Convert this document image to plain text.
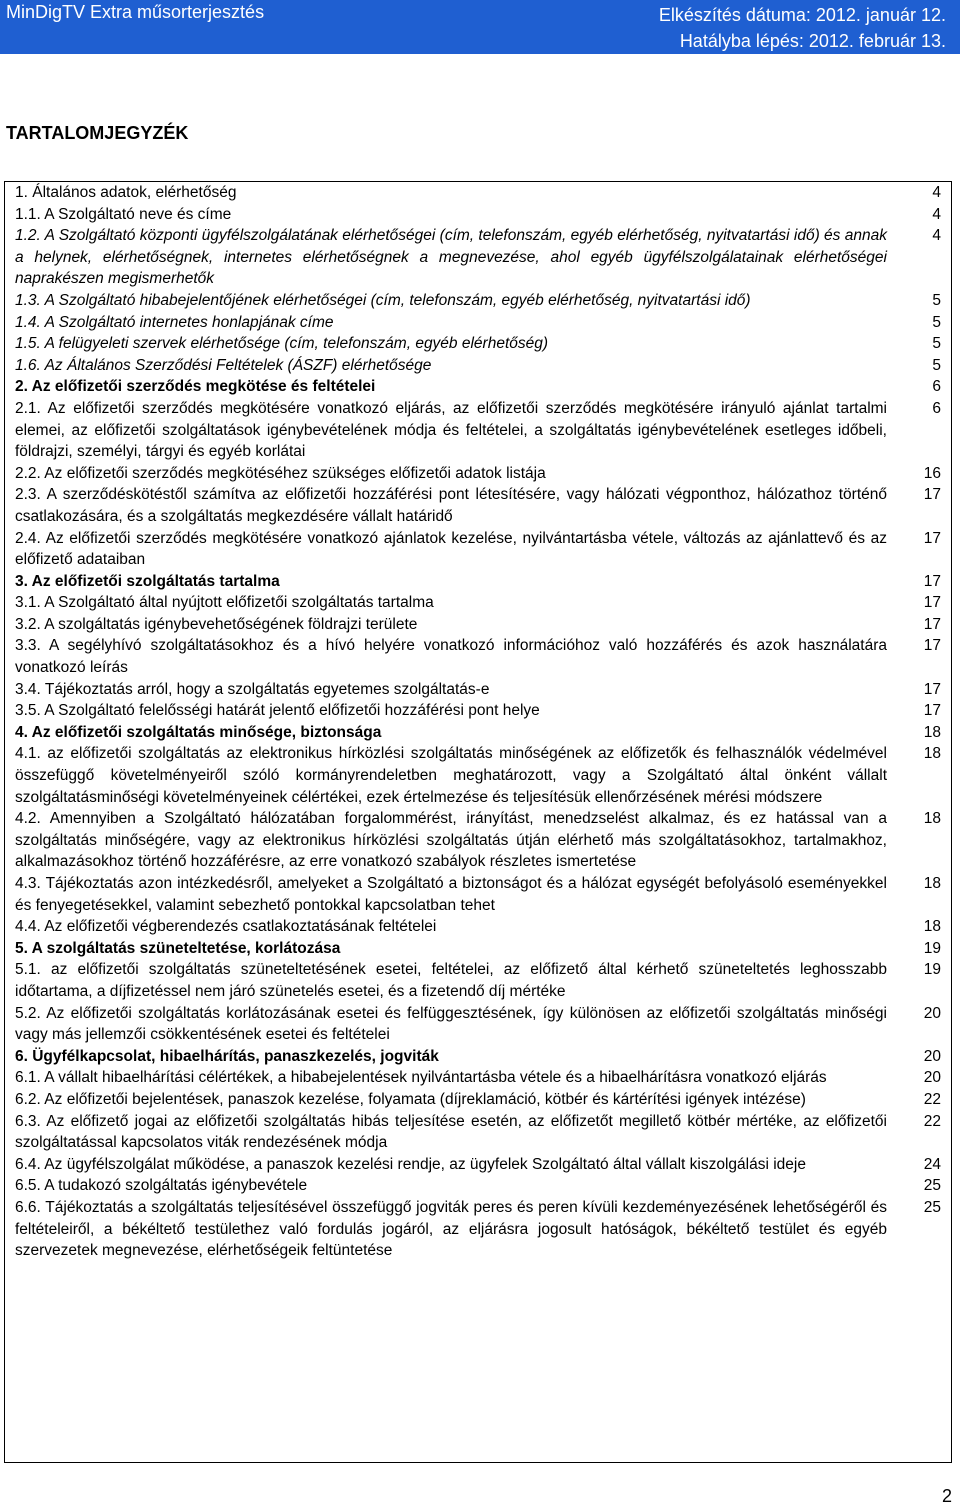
MinDigTV Extra műsorterjesztés	Elkészítés dátuma: 2012. január 12.
Hatályba lépés: 2012. február 13.
TARTALOMJEGYZÉK
1. Általános adatok, elérhetőség	4
1.1. A Szolgáltató neve és címe	4
1.2. A Szolgáltató központi ügyfélszolgálatának elérhetőségei (cím, telefonszám, egyéb elérhetőség, nyitvatartási idő) és annak a helynek, elérhetőségnek, internetes elérhetőségnek a megnevezése, ahol egyéb ügyfélszolgálatainak elérhetőségei naprakészen megismerhetők
4
1.3. A Szolgáltató hibabejelentőjének elérhetőségei (cím, telefonszám, egyéb elérhetőség, nyitvatartási idő)	5
1.4. A Szolgáltató internetes honlapjának címe	5
1.5. A felügyeleti szervek elérhetősége (cím, telefonszám, egyéb elérhetőség)	5
1.6. Az Általános Szerződési Feltételek (ÁSZF) elérhetősége	5
2. Az előfizetői szerződés megkötése és feltételei	6
2.1. Az előfizetői szerződés megkötésére vonatkozó eljárás, az előfizetői szerződés megkötésére irányuló ajánlat tartalmi elemei, az előfizetői szolgáltatások igénybevételének módja és feltételei, a szolgáltatás igénybevételének esetleges időbeli, földrajzi, személyi, tárgyi és egyéb korlátai
6
2.2. Az előfizetői szerződés megkötéséhez szükséges előfizetői adatok listája	16
2.3. A szerződéskötéstől számítva az előfizetői hozzáférési pont létesítésére, vagy hálózati végponthoz, hálózathoz történő csatlakozására, és a szolgáltatás megkezdésére vállalt határidő
17
2.4. Az előfizetői szerződés megkötésére vonatkozó ajánlatok kezelése, nyilvántartásba vétele, változás az ajánlattevő és az előfizető adataiban
17
3. Az előfizetői szolgáltatás tartalma	17
3.1. A Szolgáltató által nyújtott előfizetői szolgáltatás tartalma	17
3.2. A szolgáltatás igénybevehetőségének földrajzi területe	17
3.3. A segélyhívó szolgáltatásokhoz és a hívó helyére vonatkozó információhoz való hozzáférés és azok használatára vonatkozó leírás
17
3.4. Tájékoztatás arról, hogy a szolgáltatás egyetemes szolgáltatás-e	17
3.5. A Szolgáltató felelősségi határát jelentő előfizetői hozzáférési pont helye	17
4. Az előfizetői szolgáltatás minősége, biztonsága	18
4.1. az előfizetői szolgáltatás az elektronikus hírközlési szolgáltatás minőségének az előfizetők és felhasználók védelmével összefüggő követelményeiről szóló kormányrendeletben meghatározott, vagy a Szolgáltató által önként vállalt szolgáltatásminőségi követelményeinek célértékei, ezek értelmezése és teljesítésük ellenőrzésének mérési módszere
18
4.2. Amennyiben a Szolgáltató hálózatában forgalommérést, irányítást, menedzselést alkalmaz, és ez hatással van a szolgáltatás minőségére, vagy az elektronikus hírközlési szolgáltatás útján elérhető más szolgáltatásokhoz, tartalmakhoz, alkalmazásokhoz történő hozzáférésre, az erre vonatkozó szabályok részletes ismertetése
18
4.3. Tájékoztatás azon intézkedésről, amelyeket a Szolgáltató a biztonságot és a hálózat egységét befolyásoló eseményekkel és fenyegetésekkel, valamint sebezhető pontokkal kapcsolatban tehet
18
4.4. Az előfizetői végberendezés csatlakoztatásának feltételei	18
5. A szolgáltatás szüneteltetése, korlátozása	19
5.1. az előfizetői szolgáltatás szüneteltetésének esetei, feltételei, az előfizető által kérhető szüneteltetés leghosszabb időtartama, a díjfizetéssel nem járó szünetelés esetei, és a fizetendő díj mértéke
19
5.2. Az előfizetői szolgáltatás korlátozásának esetei és felfüggesztésének, így különösen az előfizetői szolgáltatás minőségi vagy más jellemzői csökkentésének esetei és feltételei
20
6. Ügyfélkapcsolat, hibaelhárítás, panaszkezelés, jogviták	20
6.1. A vállalt hibaelhárítási célértékek, a hibabejelentések nyilvántartásba vétele és a hibaelhárításra vonatkozó eljárás	20
6.2. Az előfizetői bejelentések, panaszok kezelése, folyamata (díjreklamáció, kötbér és kártérítési igények intézése)	22
6.3. Az előfizető jogai az előfizetői szolgáltatás hibás teljesítése esetén, az előfizetőt megillető kötbér mértéke, az előfizetői szolgáltatással kapcsolatos viták rendezésének módja
22
6.4. Az ügyfélszolgálat működése, a panaszok kezelési rendje, az ügyfelek Szolgáltató által vállalt kiszolgálási ideje	24
6.5. A tudakozó szolgáltatás igénybevétele	25
6.6. Tájékoztatás a szolgáltatás teljesítésével összefüggő jogviták peres és peren kívüli kezdeményezésének lehetőségéről és feltételeiről, a békéltető testülethez való fordulás jogáról, az eljárásra jogosult hatóságok, békéltető testület és egyéb szervezetek megnevezése, elérhetőségeik feltüntetése
25
2
